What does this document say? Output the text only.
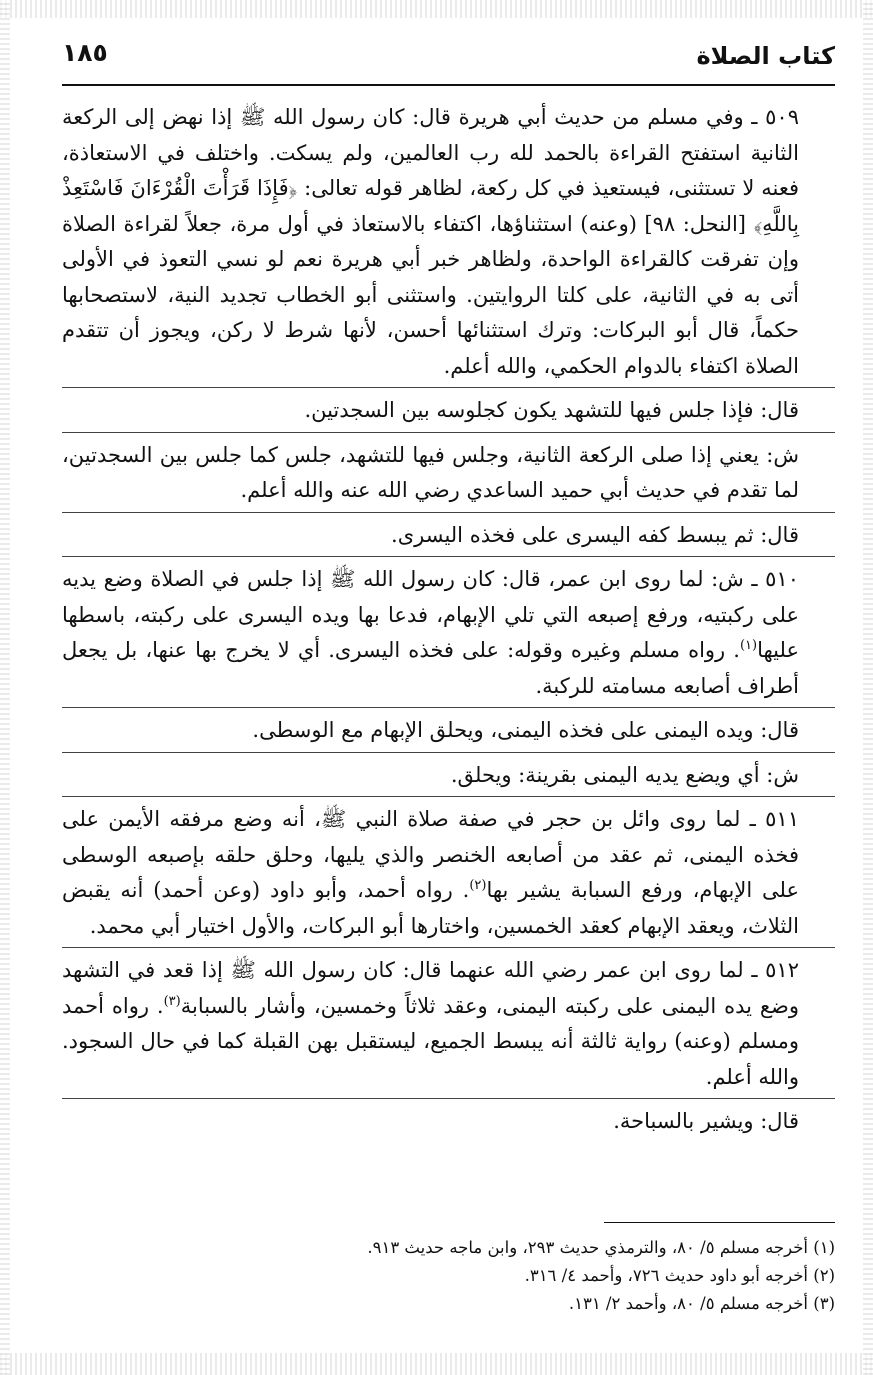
١٨٥	كتاب الصلاة

٥٠٩ ـ وفي مسلم من حديث أبي هريرة قال: كان رسول الله ﷺ إذا نهض إلى الركعة الثانية استفتح القراءة بالحمد لله رب العالمين، ولم يسكت. واختلف في الاستعاذة، فعنه لا تستثنى، فيستعيذ في كل ركعة، لظاهر قوله تعالى: ﴿فَإِذَا قَرَأْتَ الْقُرْءَانَ فَاسْتَعِذْ بِاللَّهِ﴾ [النحل: ٩٨] (وعنه) استثناؤها، اكتفاء بالاستعاذ في أول مرة، جعلاً لقراءة الصلاة وإن تفرقت كالقراءة الواحدة، ولظاهر خبر أبي هريرة نعم لو نسي التعوذ في الأولى أتى به في الثانية، على كلتا الروايتين. واستثنى أبو الخطاب تجديد النية، لاستصحابها حكماً، قال أبو البركات: وترك استثنائها أحسن، لأنها شرط لا ركن، ويجوز أن تتقدم الصلاة اكتفاء بالدوام الحكمي، والله أعلم.

قال: فإذا جلس فيها للتشهد يكون كجلوسه بين السجدتين.

ش: يعني إذا صلى الركعة الثانية، وجلس فيها للتشهد، جلس كما جلس بين السجدتين، لما تقدم في حديث أبي حميد الساعدي رضي الله عنه والله أعلم.

قال: ثم يبسط كفه اليسرى على فخذه اليسرى.

٥١٠ ـ ش: لما روى ابن عمر، قال: كان رسول الله ﷺ إذا جلس في الصلاة وضع يديه على ركبتيه، ورفع إصبعه التي تلي الإبهام، فدعا بها ويده اليسرى على ركبته، باسطها عليها$^{(١)}$. رواه مسلم وغيره وقوله: على فخذه اليسرى. أي لا يخرج بها عنها، بل يجعل أطراف أصابعه مسامته للركبة.

قال: ويده اليمنى على فخذه اليمنى، ويحلق الإبهام مع الوسطى.

ش: أي ويضع يديه اليمنى بقرينة: ويحلق.

٥١١ ـ لما روى وائل بن حجر في صفة صلاة النبي ﷺ، أنه وضع مرفقه الأيمن على فخذه اليمنى، ثم عقد من أصابعه الخنصر والذي يليها، وحلق حلقه بإصبعه الوسطى على الإبهام، ورفع السبابة يشير بها$^{(٢)}$. رواه أحمد، وأبو داود (وعن أحمد) أنه يقبض الثلاث، ويعقد الإبهام كعقد الخمسين، واختارها أبو البركات، والأول اختيار أبي محمد.

٥١٢ ـ لما روى ابن عمر رضي الله عنهما قال: كان رسول الله ﷺ إذا قعد في التشهد وضع يده اليمنى على ركبته اليمنى، وعقد ثلاثاً وخمسين، وأشار بالسبابة$^{(٣)}$. رواه أحمد ومسلم (وعنه) رواية ثالثة أنه يبسط الجميع، ليستقبل بهن القبلة كما في حال السجود. والله أعلم.

قال: ويشير بالسباحة.

(١) أخرجه مسلم ٥/ ٨٠، والترمذي حديث ٢٩٣، وابن ماجه حديث ٩١٣.

(٢) أخرجه أبو داود حديث ٧٢٦، وأحمد ٤/ ٣١٦.

(٣) أخرجه مسلم ٥/ ٨٠، وأحمد ٢/ ١٣١.
